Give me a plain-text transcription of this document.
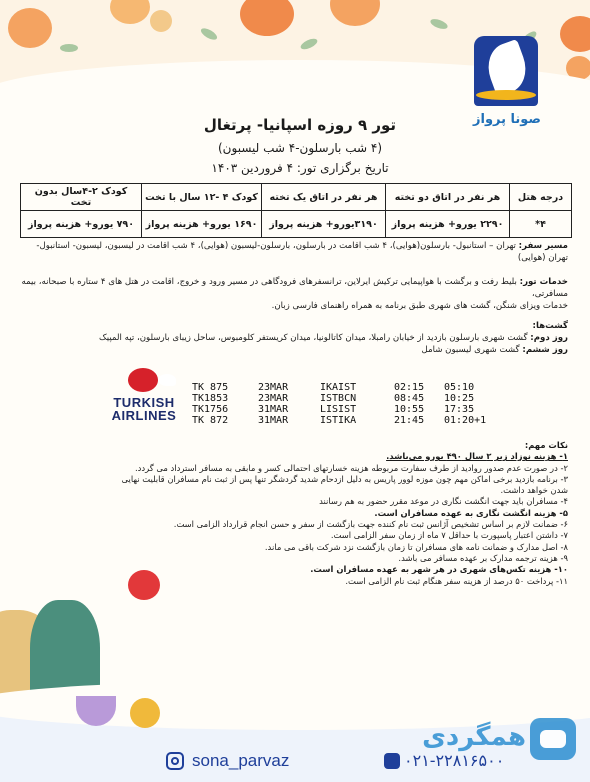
صونا پرواز
تور ۹ روزه اسپانیا- پرتغال
(۴ شب بارسلون-۴ شب لیسبون)
تاریخ برگزاری تور: ۴ فروردین ۱۴۰۳
درجه هتل	هر نفر در اتاق دو تخته	هر نفر در اتاق یک تخته	کودک ۴ -۱۲ سال با تخت	کودک ۲-۴سال بدون تخت
۴*	۲۲۹۰ یورو+ هزینه پرواز	۳۱۹۰یورو+ هزینه پرواز	۱۶۹۰ یورو+ هزینه پرواز	۷۹۰ یورو+ هزینه پرواز
مسیر سفر: تهران – استانبول- بارسلون(هوایی)، ۴ شب اقامت در بارسلون، بارسلون-لیسبون (هوایی)، ۴ شب اقامت در لیسبون، لیسبون- استانبول- تهران (هوایی)
خدمات تور: بلیط رفت و برگشت با هواپیمایی ترکیش ایرلاین، ترانسفرهای فرودگاهی در مسیر ورود و خروج، اقامت در هتل های ۴ ستاره با صبحانه، بیمه مسافرتی،
خدمات ویزای شنگن، گشت های شهری طبق برنامه به همراه راهنمای فارسی زبان.
گشت‌ها:
روز دوم: گشت شهری بارسلون بازدید از خیابان رامبلا، میدان کاتالونیا، میدان کریستفر کلومبوس، ساحل زیبای بارسلون، تپه المپیک
روز ششم: گشت شهری لیسبون شامل
TURKISH
AIRLINES
TK 875	23MAR	IKAIST	02:15	05:10
TK1853	23MAR	ISTBCN	08:45	10:25
TK1756	31MAR	LISIST	10:55	17:35
TK 872	31MAR	ISTIKA	21:45	01:20+1
نکات مهم:
۱- هزینه نوزاد زیر ۲ سال ۴۹۰ یورو می‌باشد.
۲- در صورت عدم صدور روادید از طرف سفارت مربوطه هزینه خسارتهای احتمالی کسر و مابقی به مسافر استرداد می گردد.
۳- برنامه بازدید برخی اماکن مهم چون موزه لوور پاریس به دلیل ازدحام شدید گردشگر تنها پس از ثبت نام مسافران قابلیت نهایی شدن خواهد داشت.
۴- مسافران باید جهت انگشت نگاری در موعد مقرر حضور به هم رسانند
۵- هزینه انگشت نگاری به عهده مسافران است.
۶- ضمانت لازم بر اساس تشخیص آژانس ثبت نام کننده جهت بازگشت از سفر و حسن انجام قرارداد الزامی است.
۷- داشتن اعتبار پاسپورت با حداقل ۷ ماه از زمان سفر الزامی است.
۸- اصل مدارک و ضمانت نامه های مسافران تا زمان بازگشت نزد شرکت باقی می ماند.
۹- هزینه ترجمه مدارک بر عهده مسافر می باشد.
۱۰- هزینه تکس‌های شهری در هر شهر به عهده مسافران است.
۱۱- پرداخت ۵۰ درصد از هزینه سفر هنگام ثبت نام الزامی است.
همگردی
sona_parvaz	۰۲۱-۲۲۸۱۶۵۰۰
